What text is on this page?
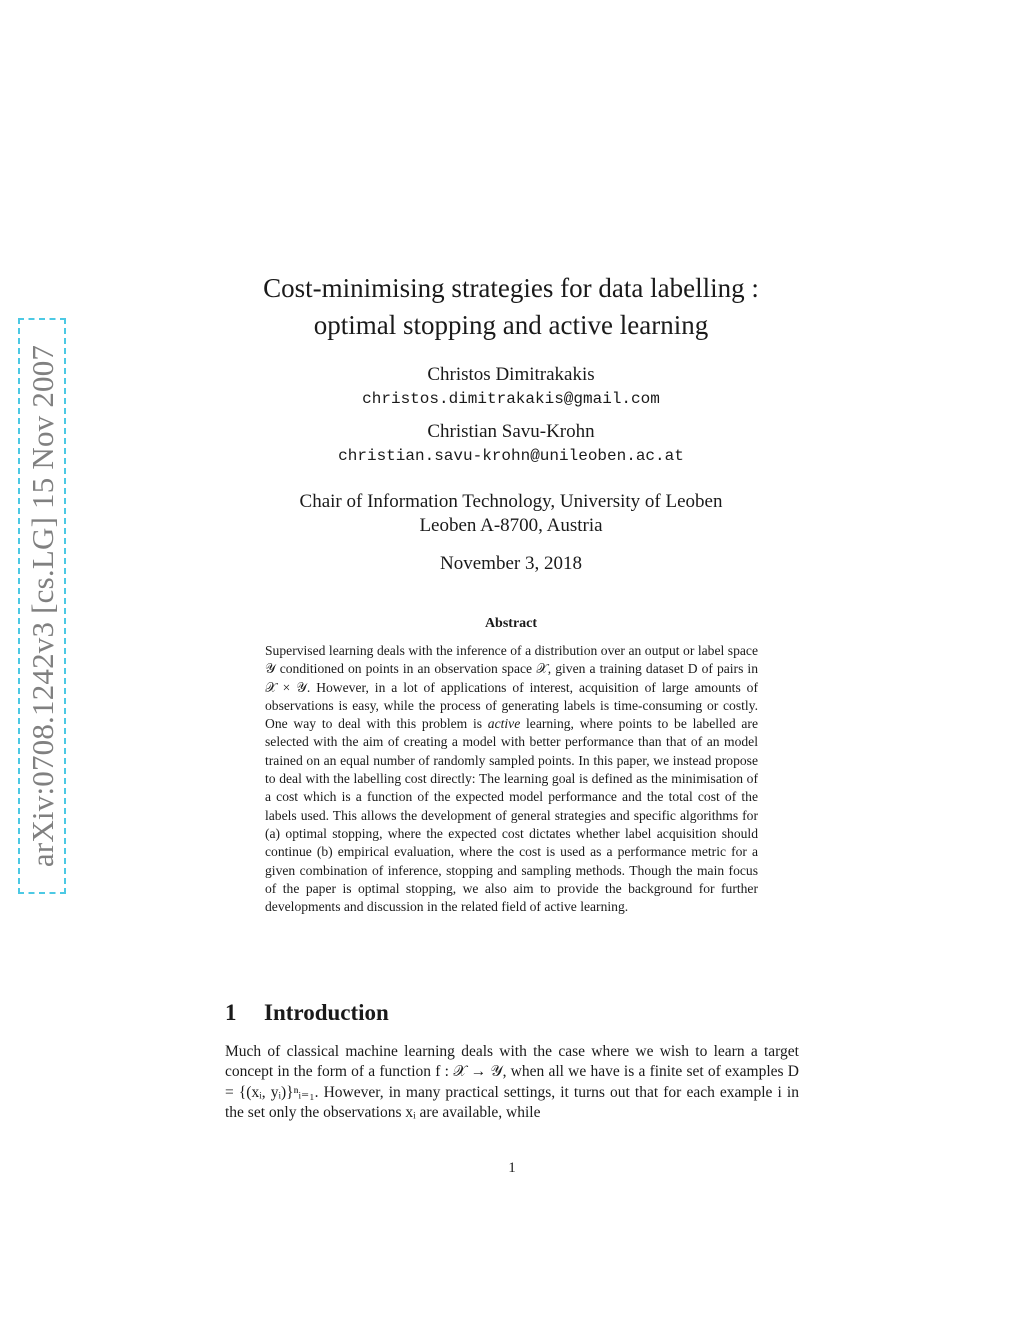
arXiv:0708.1242v3 [cs.LG] 15 Nov 2007
Cost-minimising strategies for data labelling :
optimal stopping and active learning
Christos Dimitrakakis
christos.dimitrakakis@gmail.com
Christian Savu-Krohn
christian.savu-krohn@unileoben.ac.at
Chair of Information Technology, University of Leoben
Leoben A-8700, Austria
November 3, 2018
Abstract
Supervised learning deals with the inference of a distribution over an output or label space 𝒴 conditioned on points in an observation space 𝒳, given a training dataset D of pairs in 𝒳 × 𝒴. However, in a lot of applications of interest, acquisition of large amounts of observations is easy, while the process of generating labels is time-consuming or costly. One way to deal with this problem is active learning, where points to be labelled are selected with the aim of creating a model with better performance than that of an model trained on an equal number of randomly sampled points. In this paper, we instead propose to deal with the labelling cost directly: The learning goal is defined as the minimisation of a cost which is a function of the expected model performance and the total cost of the labels used. This allows the development of general strategies and specific algorithms for (a) optimal stopping, where the expected cost dictates whether label acquisition should continue (b) empirical evaluation, where the cost is used as a performance metric for a given combination of inference, stopping and sampling methods. Though the main focus of the paper is optimal stopping, we also aim to provide the background for further developments and discussion in the related field of active learning.
1 Introduction
Much of classical machine learning deals with the case where we wish to learn a target concept in the form of a function f : 𝒳 → 𝒴, when all we have is a finite set of examples D = {(xᵢ, yᵢ)}ⁿᵢ₌₁. However, in many practical settings, it turns out that for each example i in the set only the observations xᵢ are available, while
1
